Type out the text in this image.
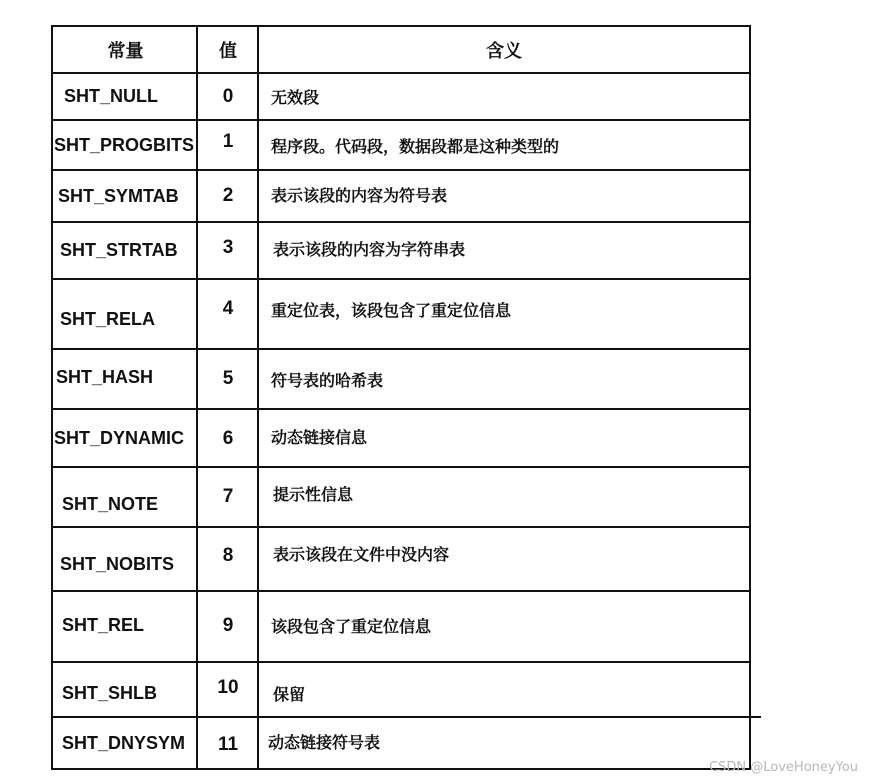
常量	值	含义
SHT_NULL	0	无效段
SHT_PROGBITS	1	程序段。代码段，数据段都是这种类型的
SHT_SYMTAB	2	表示该段的内容为符号表
SHT_STRTAB	3	表示该段的内容为字符串表
SHT_RELA	4	重定位表，该段包含了重定位信息
SHT_HASH	5	符号表的哈希表
SHT_DYNAMIC	6	动态链接信息
SHT_NOTE	7	提示性信息
SHT_NOBITS	8	表示该段在文件中没内容
SHT_REL	9	该段包含了重定位信息
SHT_SHLB	10	保留
SHT_DNYSYM	11	动态链接符号表
CSDN @LoveHoneyYou
